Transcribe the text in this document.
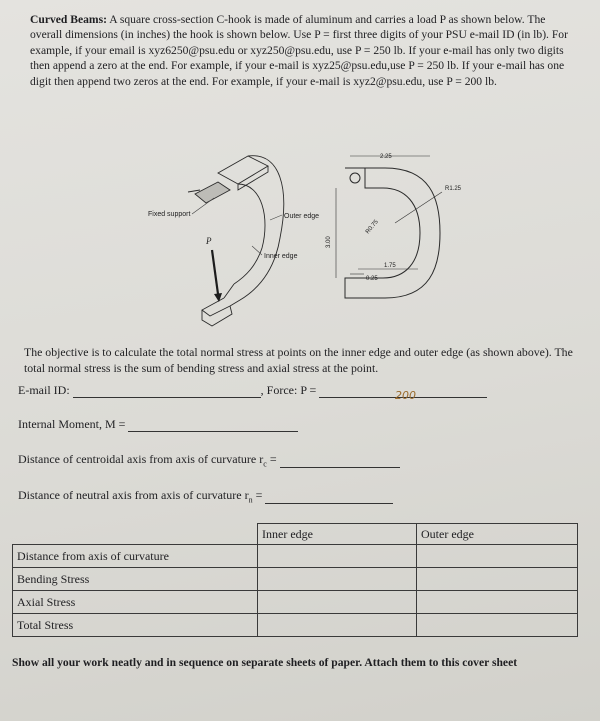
Curved Beams: A square cross-section C-hook is made of aluminum and carries a load P as shown below. The overall dimensions (in inches) the hook is shown below. Use P = first three digits of your PSU e-mail ID (in lb). For example, if your email is xyz6250@psu.edu or xyz250@psu.edu, use P = 250 lb. If your e-mail has only two digits then append a zero at the end. For example, if your e-mail is xyz25@psu.edu,use P = 250 lb. If your e-mail has one digit then append two zeros at the end. For example, if your e-mail is xyz2@psu.edu, use P = 200 lb.
Fixed support
P
Outer edge
Inner edge
2.25
R1.25
R0.75
3.00
1.75
0.25
The objective is to calculate the total normal stress at points on the inner edge and outer edge (as shown above). The total normal stress is the sum of bending stress and axial stress at the point.
E-mail ID:	, Force: P =	200
Internal Moment, M =
Distance of centroidal axis from axis of curvature $r_c$ =
Distance of neutral axis from axis of curvature $r_n$ =
	Inner edge	Outer edge
Distance from axis of curvature		
Bending Stress		
Axial Stress		
Total Stress		
Show all your work neatly and in sequence on separate sheets of paper. Attach them to this cover sheet
